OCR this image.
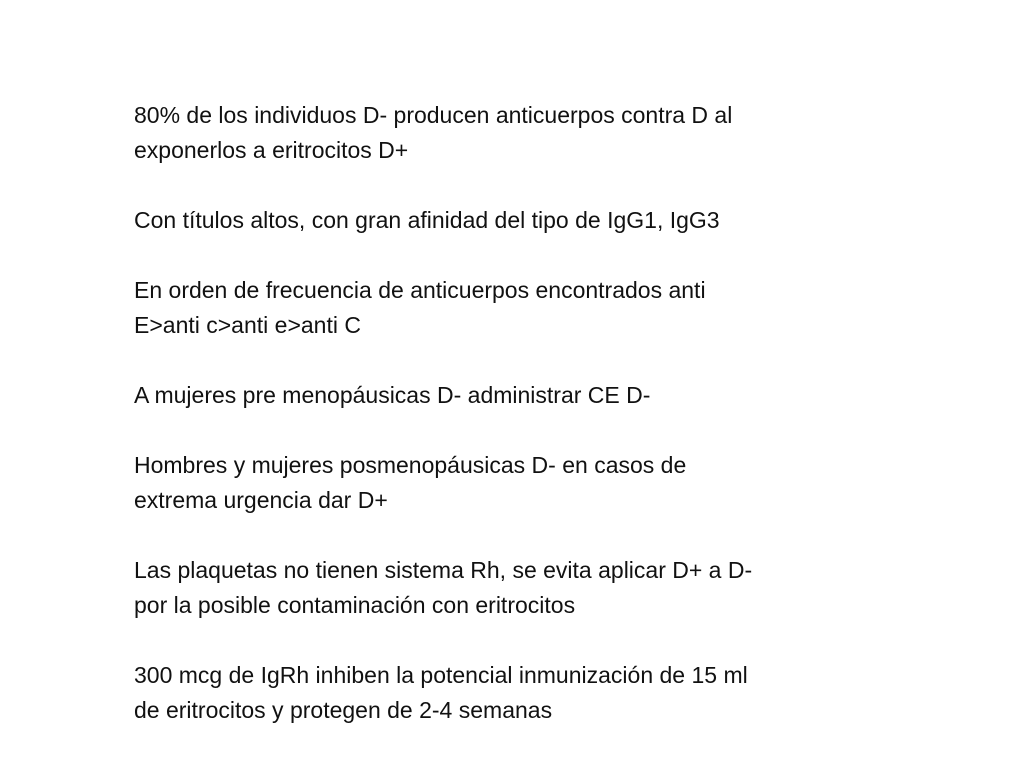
80% de los individuos D- producen anticuerpos contra D al
exponerlos a eritrocitos D+

Con títulos altos, con gran afinidad del tipo de IgG1, IgG3

En orden de frecuencia de anticuerpos encontrados anti
E>anti c>anti e>anti C

A mujeres pre menopáusicas D- administrar CE D-

Hombres y mujeres posmenopáusicas D- en casos de
extrema urgencia dar D+

Las plaquetas no tienen sistema Rh, se evita aplicar D+ a D-
por la posible contaminación con eritrocitos

300 mcg de IgRh inhiben la potencial inmunización de 15 ml
de eritrocitos y protegen de 2-4 semanas
